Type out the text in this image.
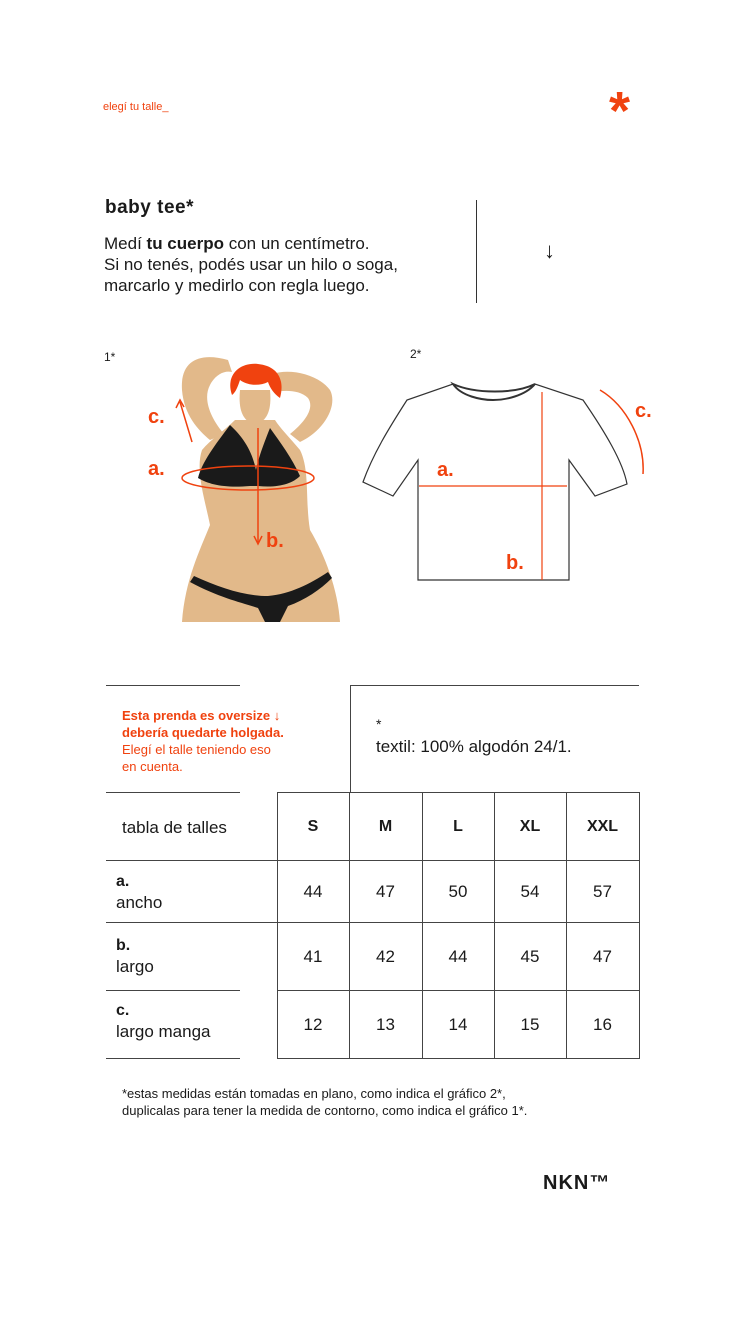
elegí tu talle_	*
baby tee*
Medí tu cuerpo con un centímetro.
Si no tenés, podés usar un hilo o soga,
marcarlo y medirlo con regla luego.
↓
1*	2*
c.
a.
b.
a.
b.
c.
Esta prenda es oversize ↓
debería quedarte holgada.
Elegí el talle teniendo eso
en cuenta.
*
textil: 100% algodón 24/1.
tabla de talles	S	M	L	XL	XXL
a.
ancho
44	47	50	54	57
b.
largo
41	42	44	45	47
c.
largo manga	12	13	14	15	16
*estas medidas están tomadas en plano, como indica el gráfico 2*,
duplicalas para tener la medida de contorno, como indica el gráfico 1*.
NKN™
